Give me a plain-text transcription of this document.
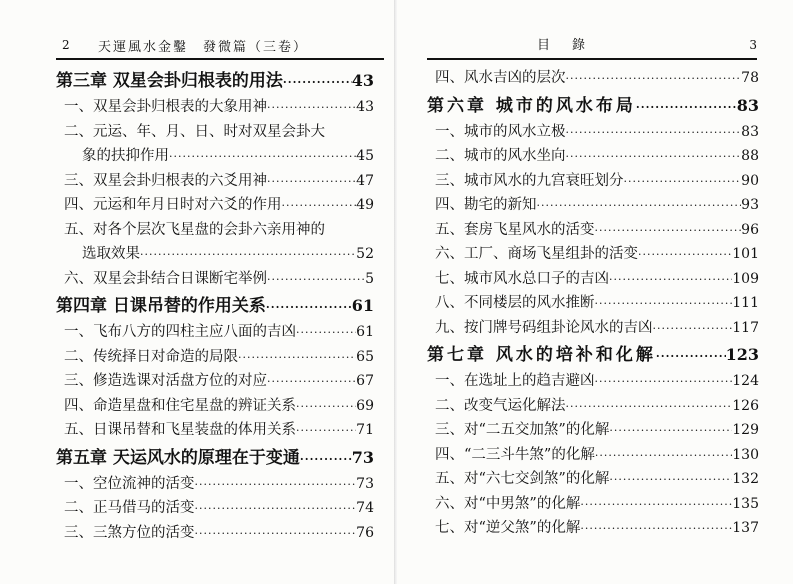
2 天運風水金鑿　發微篇（三卷）
第三章 双星会卦归根表的用法 ·····	43
一、双星会卦归根表的大象用神 ·····	43
二、元运、年、月、日、时对双星会卦大
象的扶抑作用 ·····	45
三、双星会卦归根表的六爻用神 ·····	47
四、元运和年月日时对六爻的作用 ·····	49
五、对各个层次飞星盘的会卦六亲用神的
选取效果 ·····	52
六、双星会卦结合日课断宅举例 ·····	5
第四章 日课吊替的作用关系 ·····	61
一、飞布八方的四柱主应八面的吉凶 ·····	61
二、传统择日对命造的局限 ·····	65
三、修造选课对活盘方位的对应 ·····	67
四、命造星盘和住宅星盘的辨证关系 ·····	69
五、日课吊替和飞星装盘的体用关系 ·····	71
第五章 天运风水的原理在于变通 ·····	73
一、空位流神的活变 ·····	73
二、正马借马的活变 ·····	74
三、三煞方位的活变 ·····	76
目錄	3
四、风水吉凶的层次 ·····	78
第六章 城市的风水布局 ·····	83
一、城市的风水立极 ·····	83
二、城市的风水坐向 ·····	88
三、城市风水的九宫衰旺划分 ·····	90
四、勘宅的新知 ·····	93
五、套房飞星风水的活变 ·····	96
六、工厂、商场飞星组卦的活变 ·····	101
七、城市风水总口子的吉凶 ·····	109
八、不同楼层的风水推断 ·····	111
九、按门牌号码组卦论风水的吉凶 ·····	117
第七章 风水的培补和化解 ·····	123
一、在选址上的趋吉避凶 ·····	124
二、改变气运化解法 ·····	126
三、对“二五交加煞”的化解 ·····	129
四、“二三斗牛煞”的化解 ·····	130
五、对“六七交剑煞”的化解 ·····	132
六、对“中男煞”的化解 ·····	135
七、对“逆父煞”的化解 ·····	137
